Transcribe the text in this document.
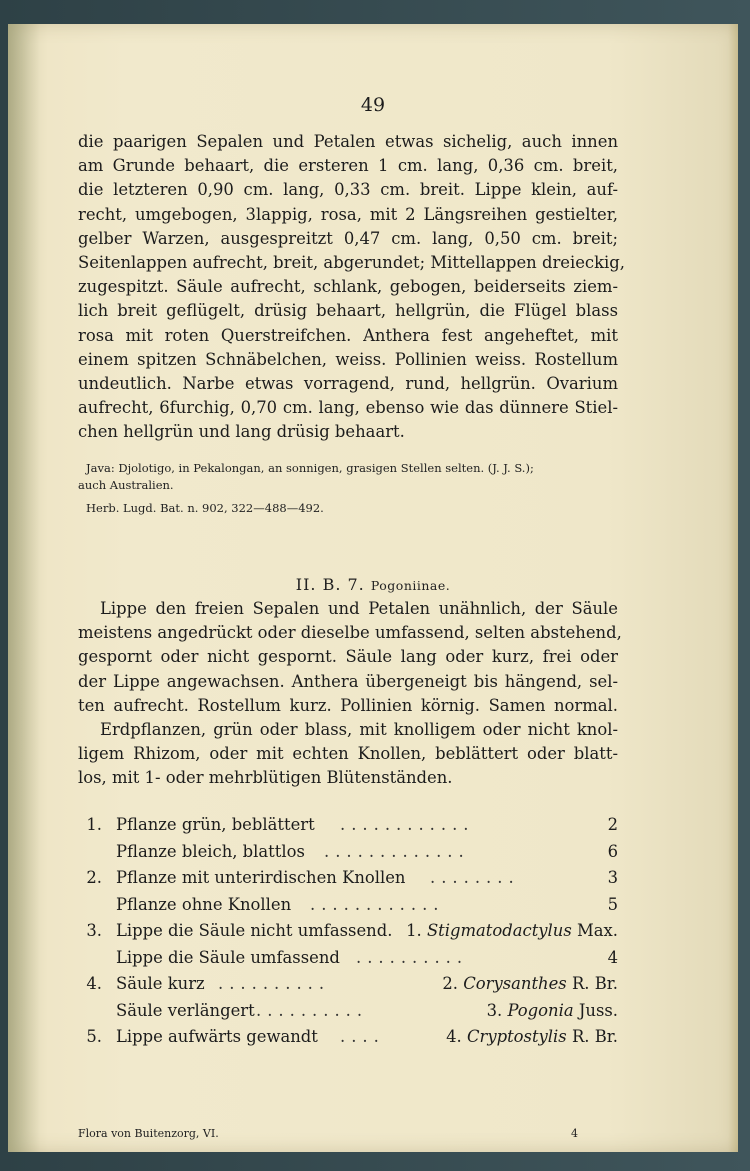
49
die paarigen Sepalen und Petalen etwas sichelig, auch innen
am Grunde behaart, die ersteren 1 cm. lang, 0,36 cm. breit,
die letzteren 0,90 cm. lang, 0,33 cm. breit. Lippe klein, auf-
recht, umgebogen, 3lappig, rosa, mit 2 Längsreihen gestielter,
gelber Warzen, ausgespreitzt 0,47 cm. lang, 0,50 cm. breit;
Seitenlappen aufrecht, breit, abgerundet; Mittellappen dreieckig,
zugespitzt. Säule aufrecht, schlank, gebogen, beiderseits ziem-
lich breit geflügelt, drüsig behaart, hellgrün, die Flügel blass
rosa mit roten Querstreifchen. Anthera fest angeheftet, mit
einem spitzen Schnäbelchen, weiss. Pollinien weiss. Rostellum
undeutlich. Narbe etwas vorragend, rund, hellgrün. Ovarium
aufrecht, 6furchig, 0,70 cm. lang, ebenso wie das dünnere Stiel-
chen hellgrün und lang drüsig behaart.
Java: Djolotigo, in Pekalongan, an sonnigen, grasigen Stellen selten. (J. J. S.);
auch Australien.
Herb. Lugd. Bat. n. 902, 322—488—492.
II. B. 7. Pogoniinae.
Lippe den freien Sepalen und Petalen unähnlich, der Säule
meistens angedrückt oder dieselbe umfassend, selten abstehend,
gespornt oder nicht gespornt. Säule lang oder kurz, frei oder
der Lippe angewachsen. Anthera übergeneigt bis hängend, sel-
ten aufrecht. Rostellum kurz. Pollinien körnig. Samen normal.
Erdpflanzen, grün oder blass, mit knolligem oder nicht knol-
ligem Rhizom, oder mit echten Knollen, beblättert oder blatt-
los, mit 1- oder mehrblütigen Blütenständen.
1. Pflanze grün, beblättert ............	2
Pflanze bleich, blattlos .............	6
2. Pflanze mit unterirdischen Knollen ........	3
Pflanze ohne Knollen ............	5
3. Lippe die Säule nicht umfassend. 1. Stigmatodactylus Max.
Lippe die Säule umfassend ..........	4
4. Säule kurz ..........	2. Corysanthes R. Br.
Säule verlängert ..........	3. Pogonia Juss.
5. Lippe aufwärts gewandt ....	4. Cryptostylis R. Br.
Flora von Buitenzorg, VI.	4
